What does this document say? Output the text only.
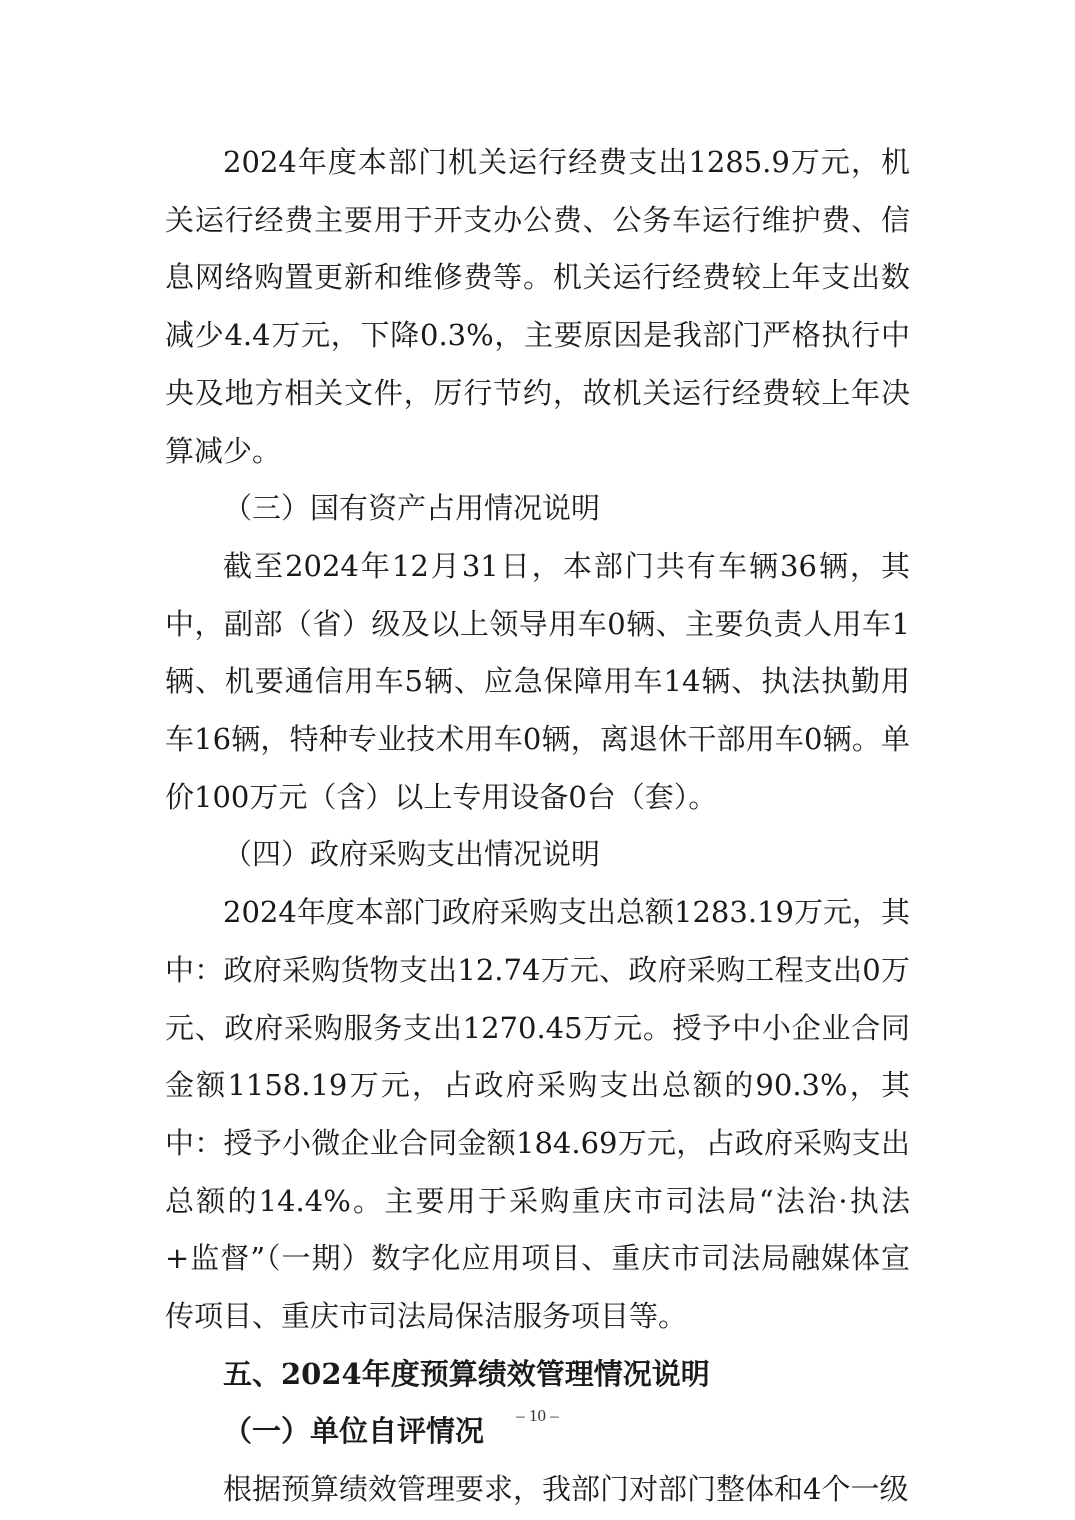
2024年度本部门机关运行经费支出1285.9万元，机关运行经费主要用于开支办公费、公务车运行维护费、信息网络购置更新和维修费等。机关运行经费较上年支出数减少4.4万元，下降0.3%，主要原因是我部门严格执行中央及地方相关文件，厉行节约，故机关运行经费较上年决算减少。

（三）国有资产占用情况说明

截至2024年12月31日，本部门共有车辆36辆，其中，副部（省）级及以上领导用车0辆、主要负责人用车1辆、机要通信用车5辆、应急保障用车14辆、执法执勤用车16辆，特种专业技术用车0辆，离退休干部用车0辆。单价100万元（含）以上专用设备0台（套）。

（四）政府采购支出情况说明

2024年度本部门政府采购支出总额1283.19万元，其中：政府采购货物支出12.74万元、政府采购工程支出0万元、政府采购服务支出1270.45万元。授予中小企业合同金额1158.19万元，占政府采购支出总额的90.3%，其中：授予小微企业合同金额184.69万元，占政府采购支出总额的14.4%。主要用于采购重庆市司法局“法治·执法+监督”（一期）数字化应用项目、重庆市司法局融媒体宣传项目、重庆市司法局保洁服务项目等。

五、2024年度预算绩效管理情况说明

（一）单位自评情况

根据预算绩效管理要求，我部门对部门整体和4个一级

– 10 –
